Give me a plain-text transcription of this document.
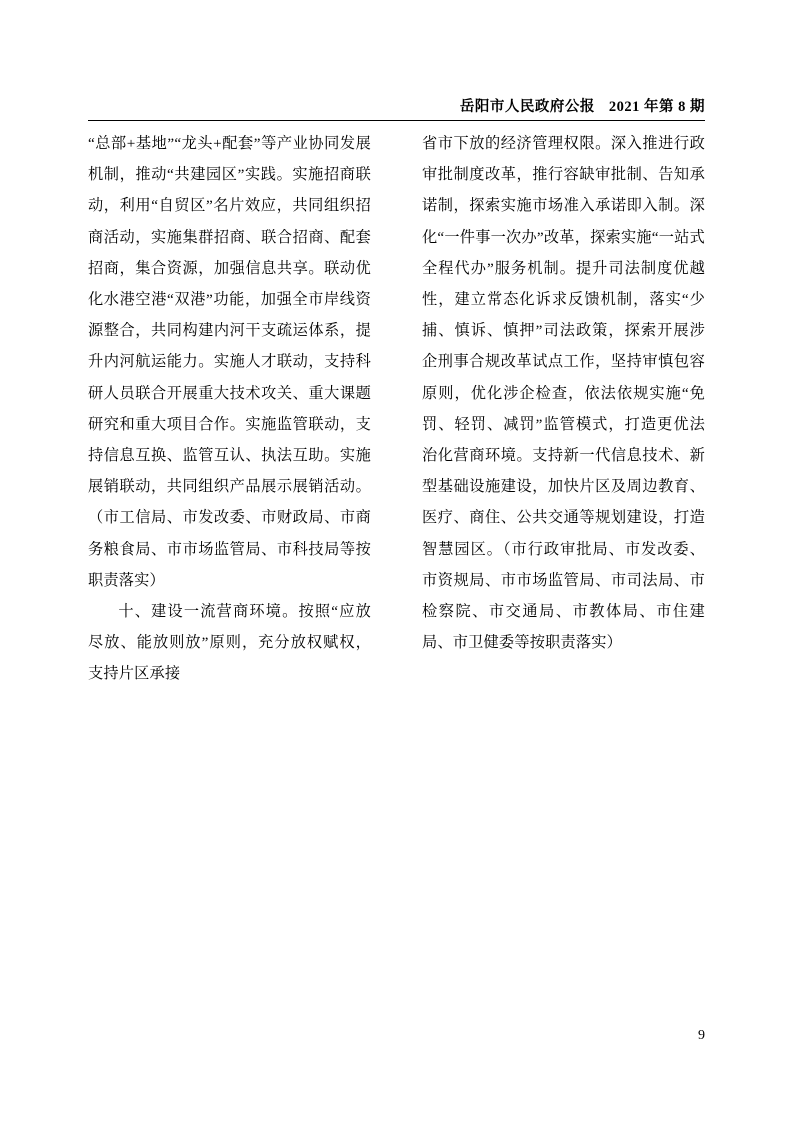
岳阳市人民政府公报 2021 年第 8 期

“总部+基地”“龙头+配套”等产业协同发展机制，推动“共建园区”实践。实施招商联动，利用“自贸区”名片效应，共同组织招商活动，实施集群招商、联合招商、配套招商，集合资源，加强信息共享。联动优化水港空港“双港”功能，加强全市岸线资源整合，共同构建内河干支疏运体系，提升内河航运能力。实施人才联动，支持科研人员联合开展重大技术攻关、重大课题研究和重大项目合作。实施监管联动，支持信息互换、监管互认、执法互助。实施展销联动，共同组织产品展示展销活动。（市工信局、市发改委、市财政局、市商务粮食局、市市场监管局、市科技局等按职责落实）

十、建设一流营商环境。按照“应放尽放、能放则放”原则，充分放权赋权，支持片区承接

省市下放的经济管理权限。深入推进行政审批制度改革，推行容缺审批制、告知承诺制，探索实施市场准入承诺即入制。深化“一件事一次办”改革，探索实施“一站式全程代办”服务机制。提升司法制度优越性，建立常态化诉求反馈机制，落实“少捕、慎诉、慎押”司法政策，探索开展涉企刑事合规改革试点工作，坚持审慎包容原则，优化涉企检查，依法依规实施“免罚、轻罚、减罚”监管模式，打造更优法治化营商环境。支持新一代信息技术、新型基础设施建设，加快片区及周边教育、医疗、商住、公共交通等规划建设，打造智慧园区。（市行政审批局、市发改委、市资规局、市市场监管局、市司法局、市检察院、市交通局、市教体局、市住建局、市卫健委等按职责落实）

9
